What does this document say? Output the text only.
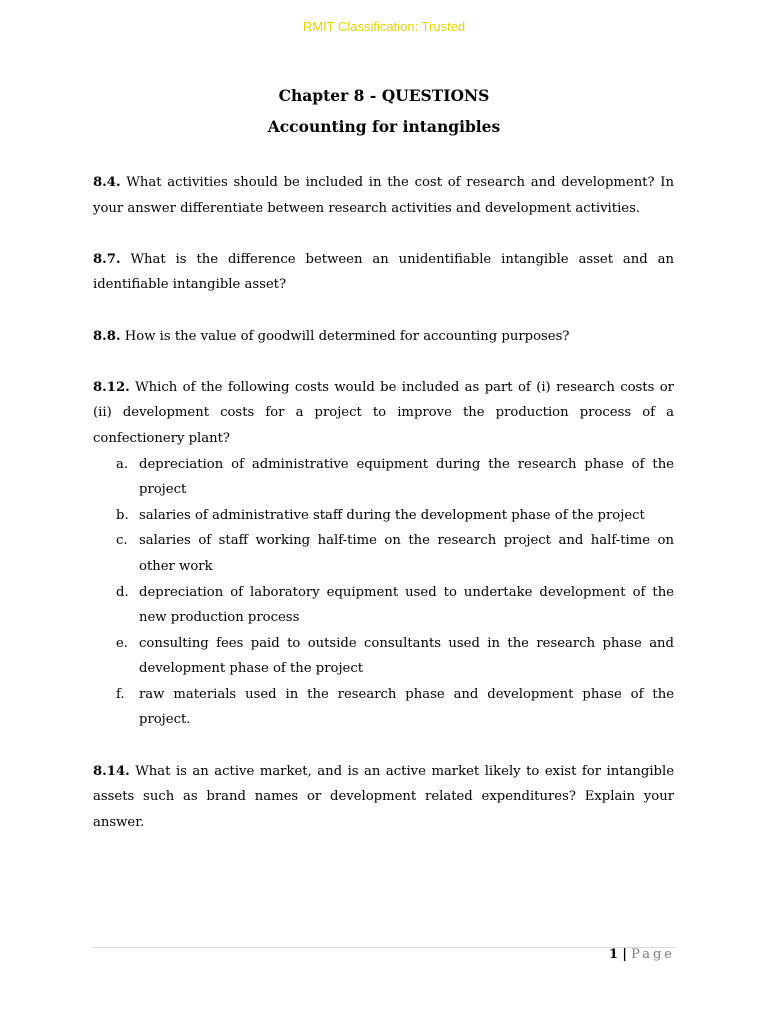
RMIT Classification: Trusted
Chapter 8 - QUESTIONS
Accounting for intangibles

8.4. What activities should be included in the cost of research and development? In your answer differentiate between research activities and development activities.

8.7. What is the difference between an unidentifiable intangible asset and an identifiable intangible asset?

8.8. How is the value of goodwill determined for accounting purposes?

8.12. Which of the following costs would be included as part of (i) research costs or (ii) development costs for a project to improve the production process of a confectionery plant?

a. depreciation of administrative equipment during the research phase of the project
b. salaries of administrative staff during the development phase of the project
c. salaries of staff working half-time on the research project and half-time on other work
d. depreciation of laboratory equipment used to undertake development of the new production process
e. consulting fees paid to outside consultants used in the research phase and development phase of the project
f. raw materials used in the research phase and development phase of the project.

8.14. What is an active market, and is an active market likely to exist for intangible assets such as brand names or development related expenditures? Explain your answer.

1 | Page
